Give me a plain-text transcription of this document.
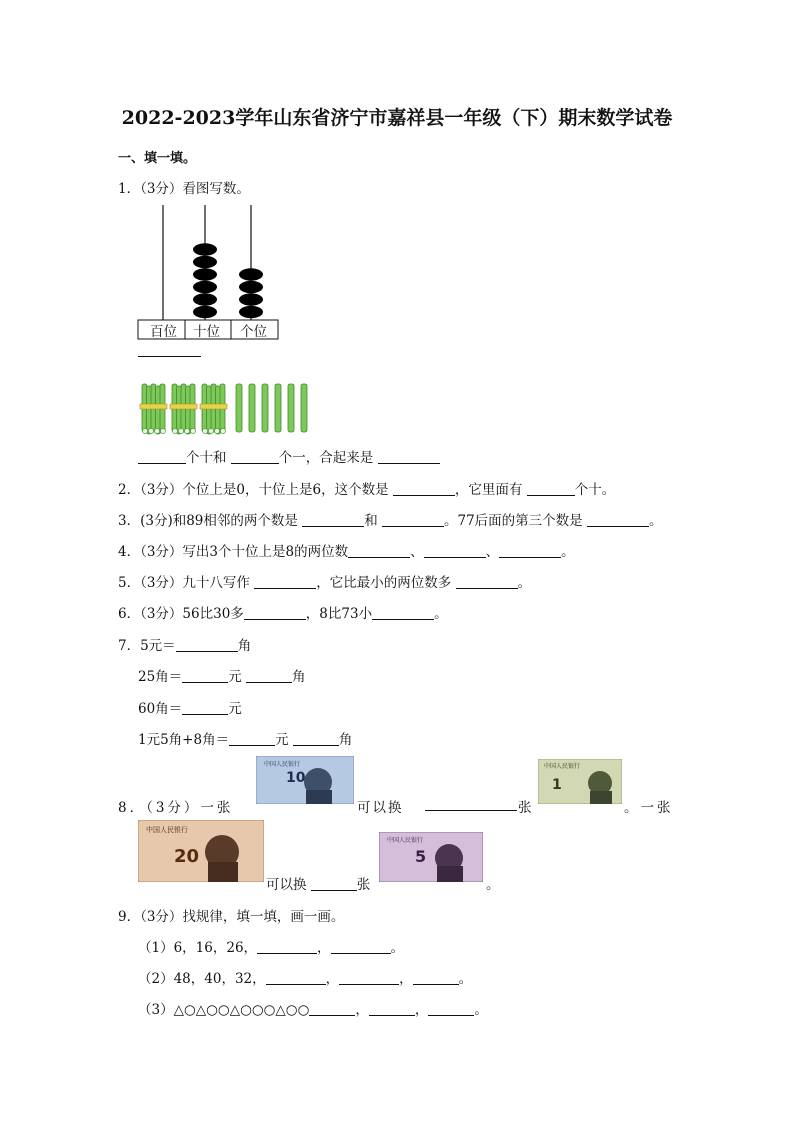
2022-2023学年山东省济宁市嘉祥县一年级（下）期末数学试卷
一、填一填。
1．（3分）看图写数。
百位 十位 个位
个十和	个一，合起来是
2．（3分）个位上是0，十位上是6，这个数是	，它里面有	个十。
3．(3分)和89相邻的两个数是	和	。77后面的第三个数是	。
4．（3分）写出3个十位上是8的两位数	、	、	。
5．（3分）九十八写作	，它比最小的两位数多	。
6．（3分）56比30多	，8比73小	。
7．5元＝	角
25角＝	元	角
60角＝	元
1元5角+8角＝	元	角
中国人民银行
10
中国人民银行
1
中国人民银行
20
中国人民银行
5
8．（3分）一张	可以换	张	。一张
可以换	张	。
9．（3分）找规律，填一填，画一画。
（1）6，16，26，	，	。
（2）48，40，32，	，	，	。
（3）△○△○○△○○○△○○	，	，	。
